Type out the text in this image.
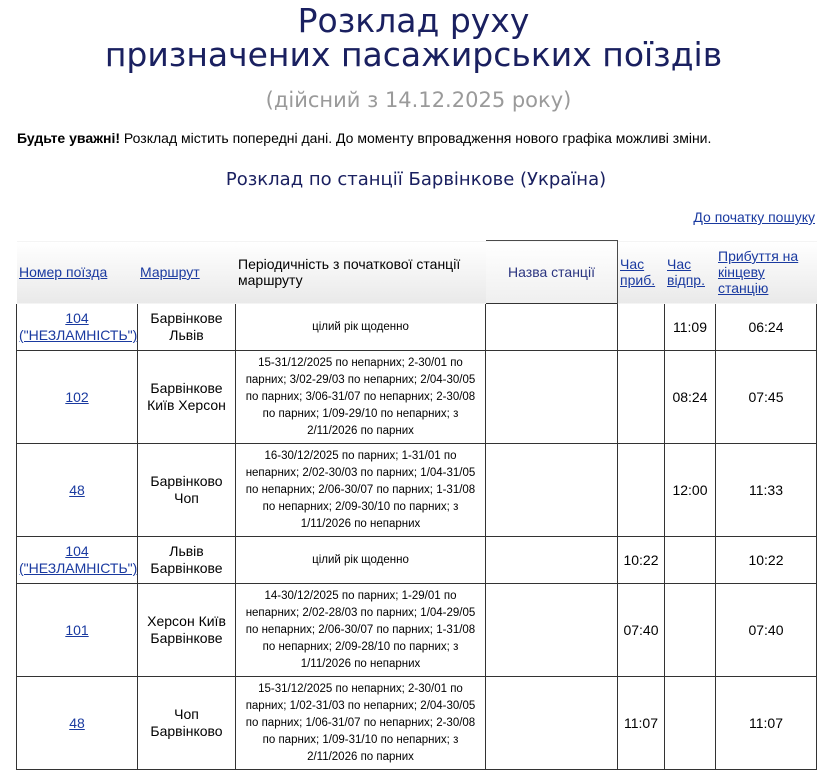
Розклад руху
призначених пасажирських поїздів
(дійсний з 14.12.2025 року)
Будьте уважні! Розклад містить попередні дані. До моменту впровадження нового графіка можливі зміни.
Розклад по станції Барвінкове (Україна)
До початку пошуку
Номер поїзда	Маршрут	Періодичність з початкової станції маршруту	Назва станції	Час приб.	Час відпр.	Прибуття на кінцеву станцію
104 ("НЕЗЛАМНІСТЬ")	Барвінкове Львів	цілий рік щоденно			11:09	06:24
102	Барвінкове Київ Херсон	15-31/12/2025 по непарних; 2-30/01 по парних; 3/02-29/03 по непарних; 2/04-30/05 по парних; 3/06-31/07 по непарних; 2-30/08 по парних; 1/09-29/10 по непарних; з 2/11/2026 по парних			08:24	07:45
48	Барвінково Чоп	16-30/12/2025 по парних; 1-31/01 по непарних; 2/02-30/03 по парних; 1/04-31/05 по непарних; 2/06-30/07 по парних; 1-31/08 по непарних; 2/09-30/10 по парних; з 1/11/2026 по непарних			12:00	11:33
104 ("НЕЗЛАМНІСТЬ")	Львів Барвінкове	цілий рік щоденно		10:22		10:22
101	Херсон Київ Барвінкове	14-30/12/2025 по парних; 1-29/01 по непарних; 2/02-28/03 по парних; 1/04-29/05 по непарних; 2/06-30/07 по парних; 1-31/08 по непарних; 2/09-28/10 по парних; з 1/11/2026 по непарних		07:40		07:40
48	Чоп Барвінково	15-31/12/2025 по непарних; 2-30/01 по парних; 1/02-31/03 по непарних; 2/04-30/05 по парних; 1/06-31/07 по непарних; 2-30/08 по парних; 1/09-31/10 по непарних; з 2/11/2026 по парних		11:07		11:07
